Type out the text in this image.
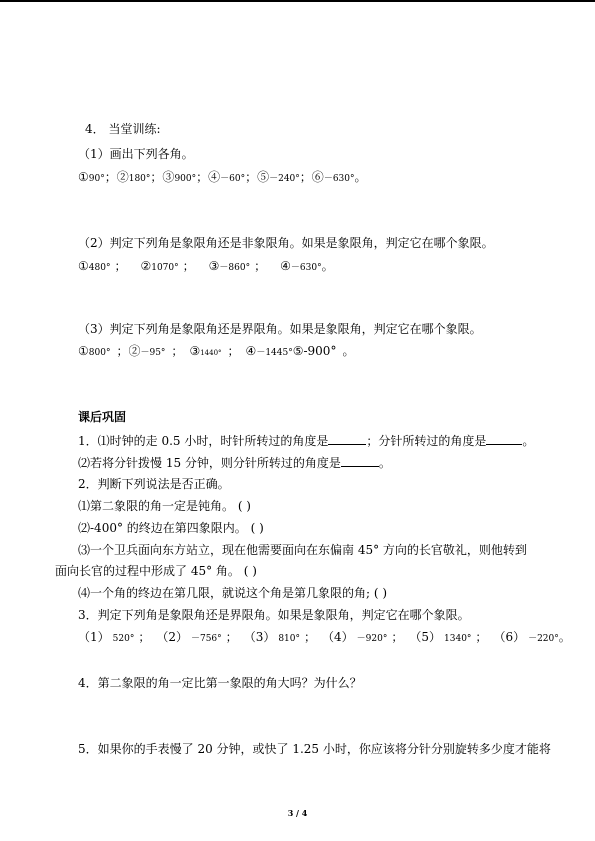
4． 当堂训练:
（1）画出下列各角。
①90°；②180°；③900°；④－60°；⑤－240°；⑥－630°。
（2）判定下列角是象限角还是非象限角。如果是象限角，判定它在哪个象限。
①480° ； ②1070° ； ③－860° ； ④－630°。
（3）判定下列角是象限角还是界限角。如果是象限角，判定它在哪个象限。
①800° ；②－95° ； ③1440° ； ④－1445°⑤-900° 。
课后巩固
1．⑴时钟的走 0.5 小时，时针所转过的角度是	；分针所转过的角度是	。
⑵若将分针拨慢 15 分钟，则分针所转过的角度是	。
2．判断下列说法是否正确。
⑴第二象限的角一定是钝角。 ( )
⑵-400° 的终边在第四象限内。 ( )
⑶一个卫兵面向东方站立，现在他需要面向在东偏南 45° 方向的长官敬礼，则他转到
面向长官的过程中形成了 45° 角。 ( )
⑷一个角的终边在第几限，就说这个角是第几象限的角; ( )
3．判定下列角是象限角还是界限角。如果是象限角，判定它在哪个象限。
（1） 520° ； （2） －756° ； （3） 810° ； （4） －920° ； （5） 1340° ； （6） －220°。
4．第二象限的角一定比第一象限的角大吗？为什么？
5．如果你的手表慢了 20 分钟，或快了 1.25 小时，你应该将分针分别旋转多少度才能将
3 / 4
